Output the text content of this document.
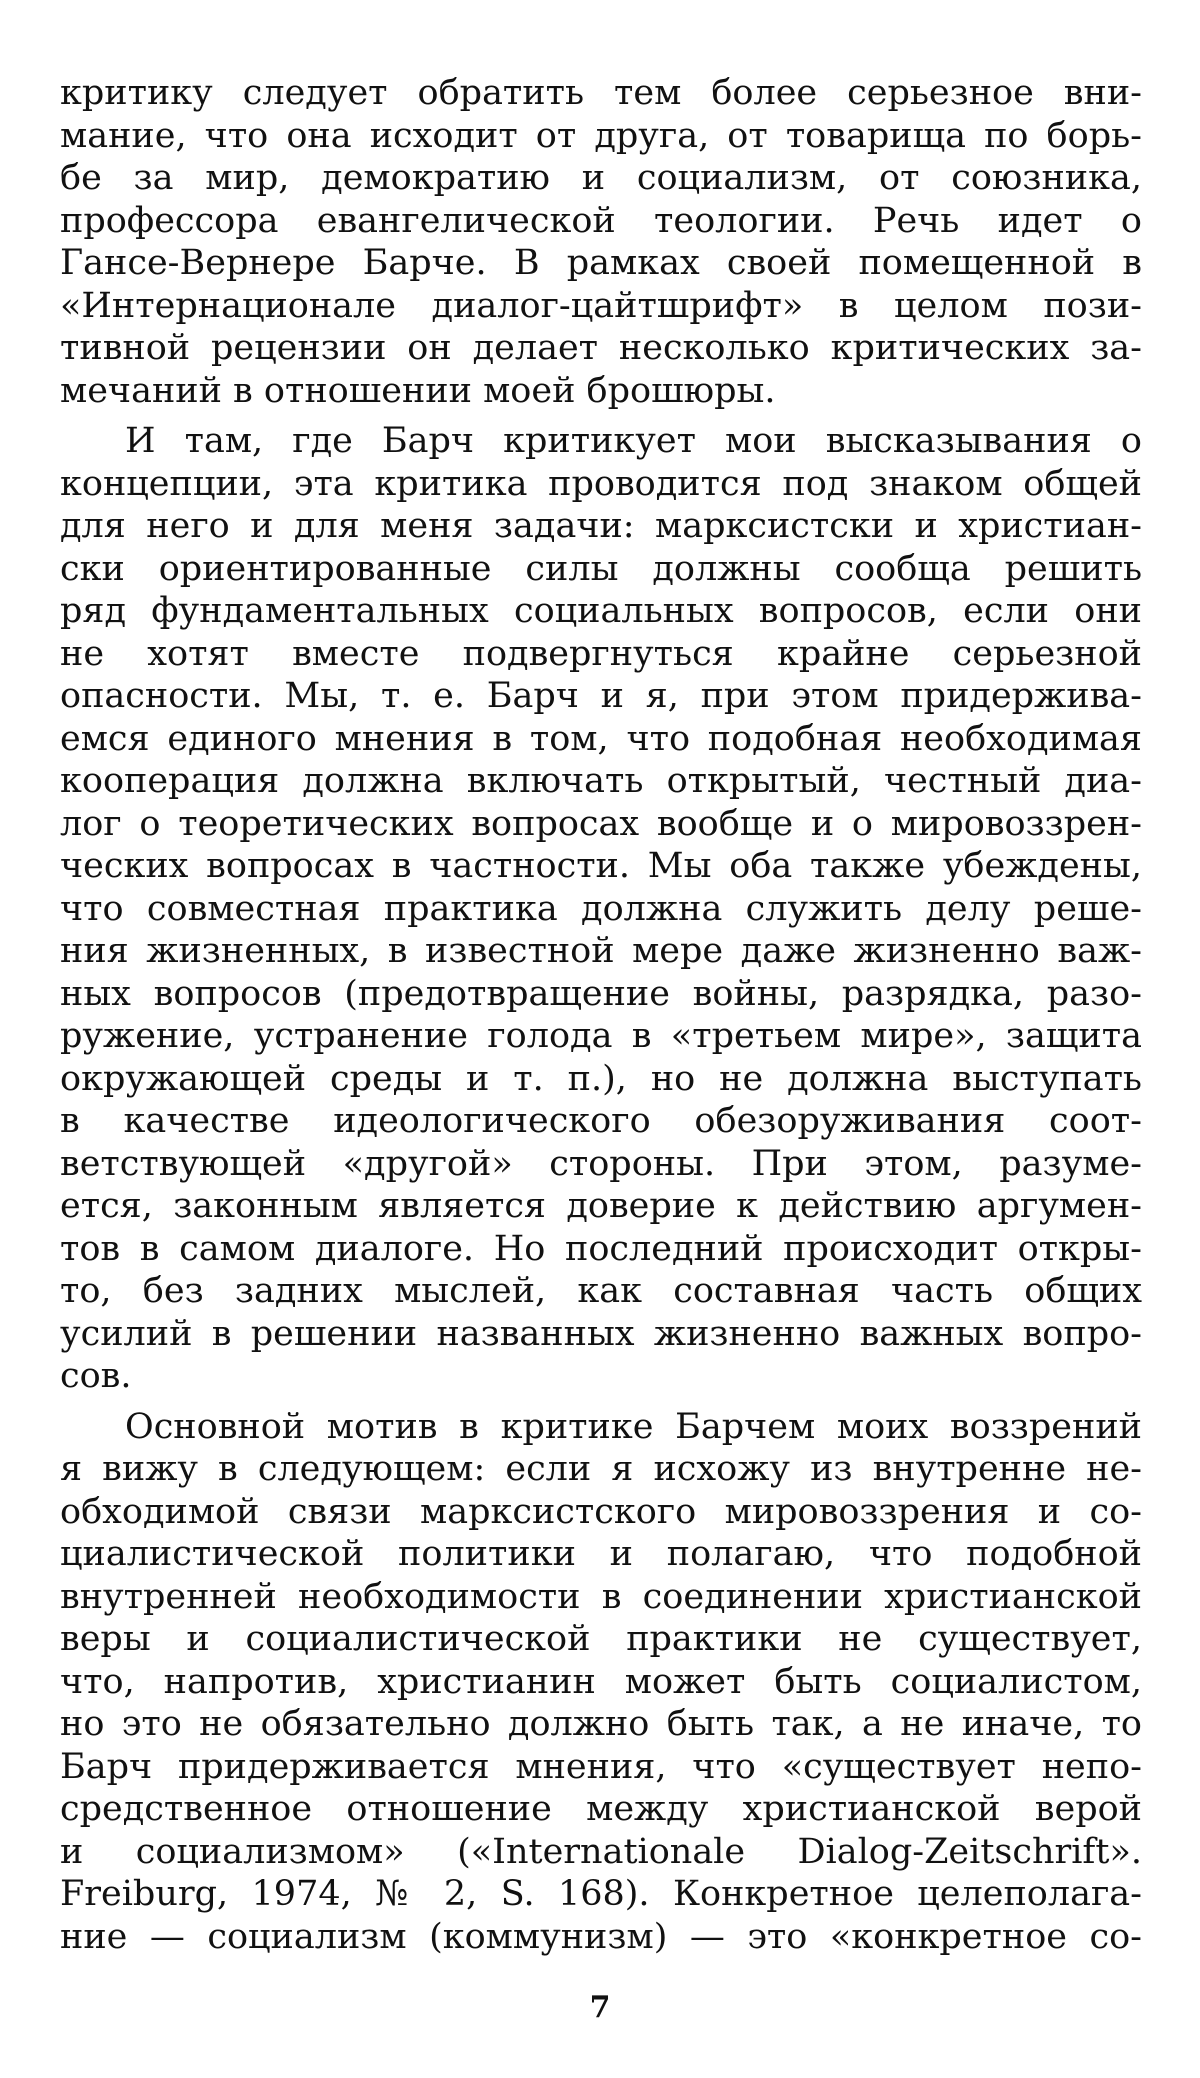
критику следует обратить тем более серьезное вни-
мание, что она исходит от друга, от товарища по борь-
бе за мир, демократию и социализм, от союзника,
профессора евангелической теологии. Речь идет о
Гансе-Вернере Барче. В рамках своей помещенной в
«Интернационале диалог-цайтшрифт» в целом пози-
тивной рецензии он делает несколько критических за-
мечаний в отношении моей брошюры.

И там, где Барч критикует мои высказывания о
концепции, эта критика проводится под знаком общей
для него и для меня задачи: марксистски и христиан-
ски ориентированные силы должны сообща решить
ряд фундаментальных социальных вопросов, если они
не хотят вместе подвергнуться крайне серьезной
опасности. Мы, т. е. Барч и я, при этом придержива-
емся единого мнения в том, что подобная необходимая
кооперация должна включать открытый, честный диа-
лог о теоретических вопросах вообще и о мировоззрен-
ческих вопросах в частности. Мы оба также убеждены,
что совместная практика должна служить делу реше-
ния жизненных, в известной мере даже жизненно важ-
ных вопросов (предотвращение войны, разрядка, разо-
ружение, устранение голода в «третьем мире», защита
окружающей среды и т. п.), но не должна выступать
в качестве идеологического обезоруживания соот-
ветствующей «другой» стороны. При этом, разуме-
ется, законным является доверие к действию аргумен-
тов в самом диалоге. Но последний происходит откры-
то, без задних мыслей, как составная часть общих
усилий в решении названных жизненно важных вопро-
сов.

Основной мотив в критике Барчем моих воззрений
я вижу в следующем: если я исхожу из внутренне не-
обходимой связи марксистского мировоззрения и со-
циалистической политики и полагаю, что подобной
внутренней необходимости в соединении христианской
веры и социалистической практики не существует,
что, напротив, христианин может быть социалистом,
но это не обязательно должно быть так, а не иначе, то
Барч придерживается мнения, что «существует непо-
средственное отношение между христианской верой
и социализмом» («Internationale Dialog-Zeitschrift».
Freiburg, 1974, № 2, S. 168). Конкретное целеполага-
ние — социализм (коммунизм) — это «конкретное со-

7
